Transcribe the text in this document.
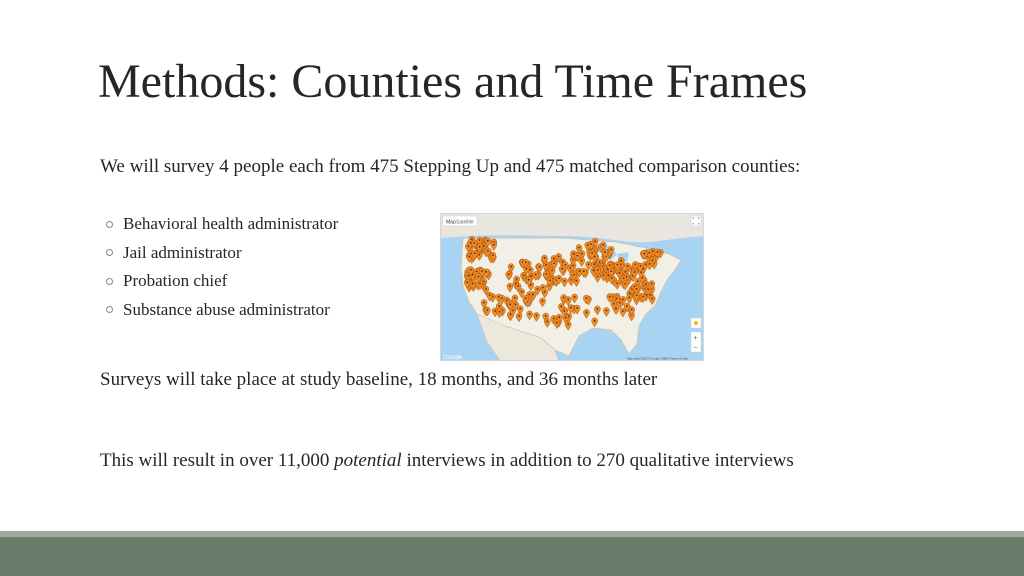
Methods: Counties and Time Frames
We will survey 4 people each from 475 Stepping Up and 475 matched comparison counties:
Behavioral health administrator
Jail administrator
Probation chief
Substance abuse administrator
Map Satellite
+
−
Google	Map data ©2017 Google, INEGI Terms of Use
Surveys will take place at study baseline, 18 months, and 36 months later
This will result in over 11,000 potential interviews in addition to 270 qualitative interviews
